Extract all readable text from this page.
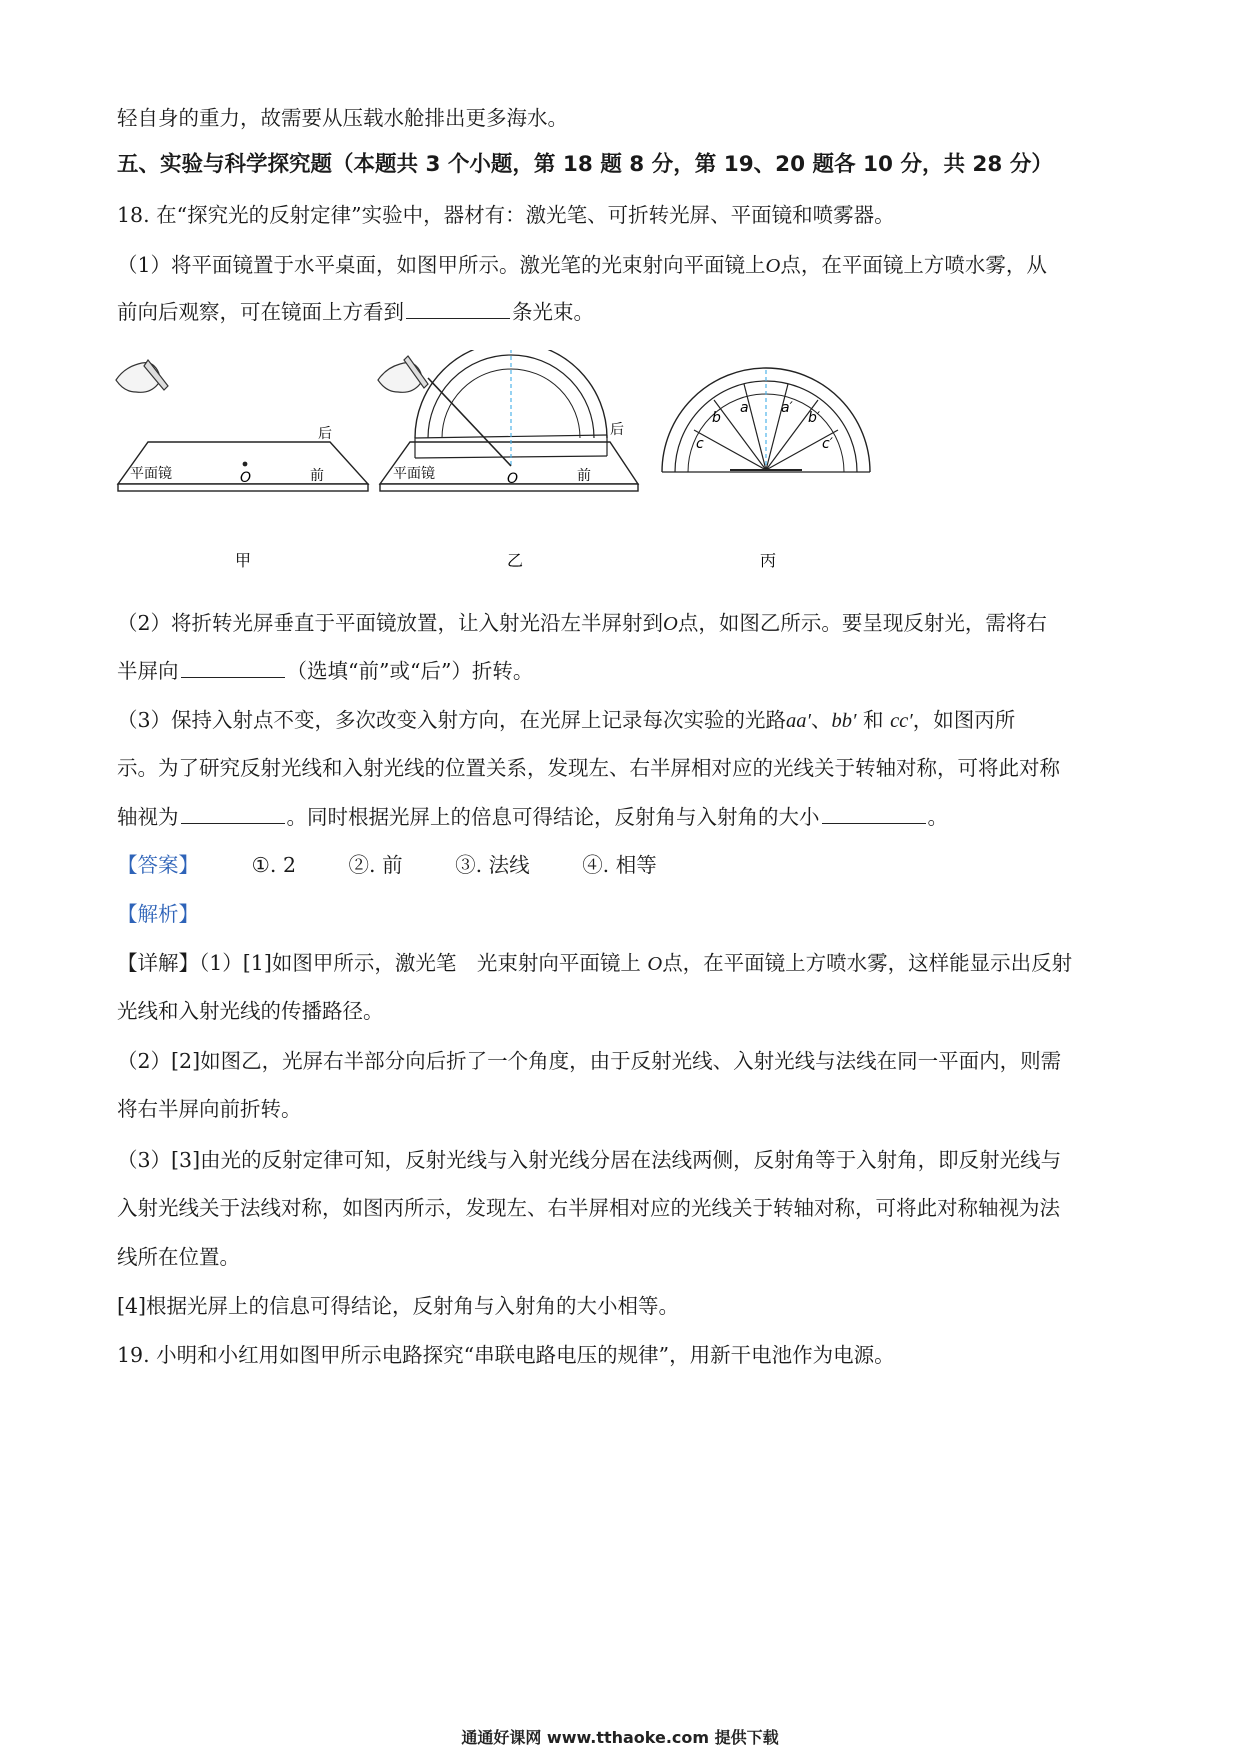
轻自身的重力，故需要从压载水舱排出更多海水。
五、实验与科学探究题（本题共 3 个小题，第 18 题 8 分，第 19、20 题各 10 分，共 28 分）
18. 在“探究光的反射定律”实验中，器材有：激光笔、可折转光屏、平面镜和喷雾器。
（1）将平面镜置于水平桌面，如图甲所示。激光笔的光束射向平面镜上O点，在平面镜上方喷水雾，从
前向后观察，可在镜面上方看到	条光束。
O
平面镜	前
后
甲
O
平面镜	前
后
乙
a a′
b	b′
c	c′
丙
（2）将折转光屏垂直于平面镜放置，让入射光沿左半屏射到O点，如图乙所示。要呈现反射光，需将右
半屏向	（选填“前”或“后”）折转。
（3）保持入射点不变，多次改变入射方向，在光屏上记录每次实验的光路aa′、bb′ 和 cc′，如图丙所
示。为了研究反射光线和入射光线的位置关系，发现左、右半屏相对应的光线关于转轴对称，可将此对称
轴视为	。同时根据光屏上的倍息可得结论，反射角与入射角的大小	。
【答案】	①. 2	②. 前	③. 法线	④. 相等
【解析】
【详解】（1）[1]如图甲所示，激光笔　光束射向平面镜上 O点，在平面镜上方喷水雾，这样能显示出反射
光线和入射光线的传播路径。
（2）[2]如图乙，光屏右半部分向后折了一个角度，由于反射光线、入射光线与法线在同一平面内，则需
将右半屏向前折转。
（3）[3]由光的反射定律可知，反射光线与入射光线分居在法线两侧，反射角等于入射角，即反射光线与
入射光线关于法线对称，如图丙所示，发现左、右半屏相对应的光线关于转轴对称，可将此对称轴视为法
线所在位置。
[4]根据光屏上的信息可得结论，反射角与入射角的大小相等。
19. 小明和小红用如图甲所示电路探究“串联电路电压的规律”，用新干电池作为电源。
通通好课网 www.tthaoke.com 提供下载
